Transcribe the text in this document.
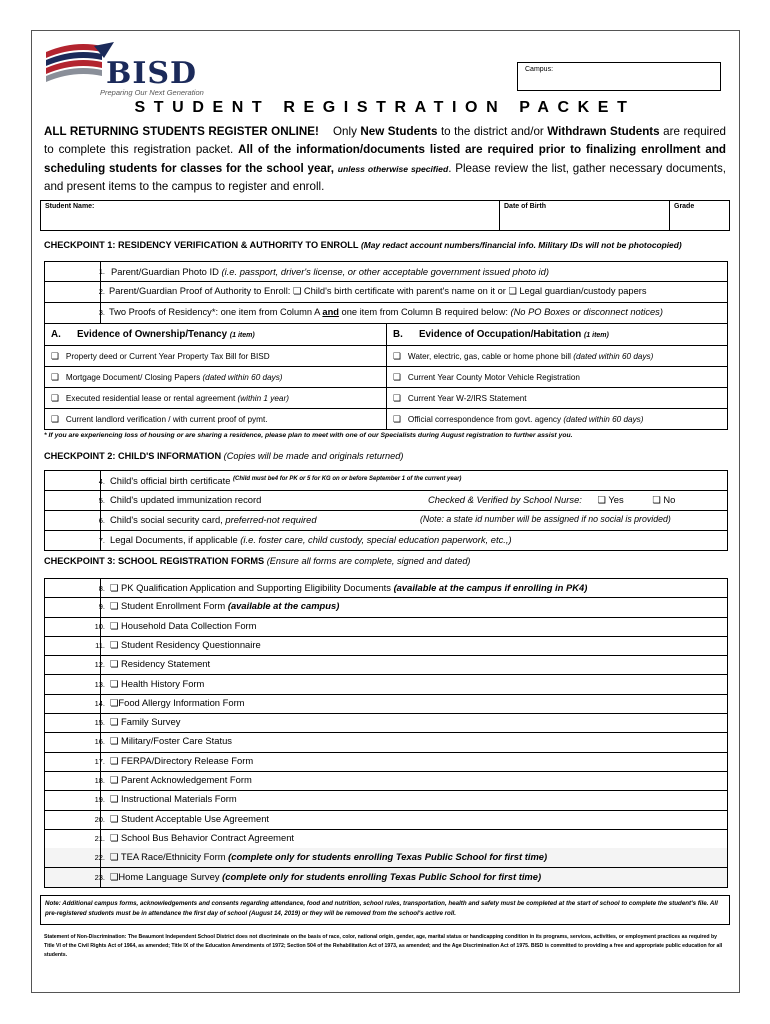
BISD
Preparing Our Next Generation
Campus:
STUDENT REGISTRATION PACKET
ALL RETURNING STUDENTS REGISTER ONLINE! Only New Students to the district and/or Withdrawn Students are required to complete this registration packet. All of the information/documents listed are required prior to finalizing enrollment and scheduling students for classes for the school year, unless otherwise specified. Please review the list, gather necessary documents, and present items to the campus to register and enroll.
Student Name:	Date of Birth	Grade
CHECKPOINT 1: RESIDENCY VERIFICATION & AUTHORITY TO ENROLL (May redact account numbers/financial info. Military IDs will not be photocopied)
1. Parent/Guardian Photo ID (i.e. passport, driver's license, or other acceptable government issued photo id)
2. Parent/Guardian Proof of Authority to Enroll: ❏ Child's birth certificate with parent's name on it or ❏ Legal guardian/custody papers
3. Two Proofs of Residency*: one item from Column A and one item from Column B required below: (No PO Boxes or disconnect notices)
A. Evidence of Ownership/Tenancy (1 item)	B. Evidence of Occupation/Habitation (1 item)
❏ Property deed or Current Year Property Tax Bill for BISD	❏ Water, electric, gas, cable or home phone bill (dated within 60 days)
❏ Mortgage Document/ Closing Papers (dated within 60 days)	❏ Current Year County Motor Vehicle Registration
❏ Executed residential lease or rental agreement (within 1 year)	❏ Current Year W-2/IRS Statement
❏ Current landlord verification / with current proof of pymt.	❏ Official correspondence from govt. agency (dated within 60 days)
* If you are experiencing loss of housing or are sharing a residence, please plan to meet with one of our Specialists during August registration to further assist you.
CHECKPOINT 2: CHILD'S INFORMATION (Copies will be made and originals returned)
4. Child's official birth certificate $^{(Child must be4 for PK or 5 for KG on or before September 1 of the current year)}$
5. Child's updated immunization record	Checked & Verified by School Nurse: ❏ Yes	❏ No
6. Child's social security card, preferred-not required	(Note: a state id number will be assigned if no social is provided)
7. Legal Documents, if applicable (i.e. foster care, child custody, special education paperwork, etc.,)
CHECKPOINT 3: SCHOOL REGISTRATION FORMS (Ensure all forms are complete, signed and dated)
8. ❏ PK Qualification Application and Supporting Eligibility Documents (available at the campus if enrolling in PK4)
9. ❏ Student Enrollment Form (available at the campus)
10. ❏ Household Data Collection Form
11. ❏ Student Residency Questionnaire
12. ❏ Residency Statement
13. ❏ Health History Form
14. ❏Food Allergy Information Form
15. ❏ Family Survey
16. ❏ Military/Foster Care Status
17. ❏ FERPA/Directory Release Form
18. ❏ Parent Acknowledgement Form
19. ❏ Instructional Materials Form
20. ❏ Student Acceptable Use Agreement
21. ❏ School Bus Behavior Contract Agreement
22. ❏ TEA Race/Ethnicity Form (complete only for students enrolling Texas Public School for first time)
23. ❏Home Language Survey (complete only for students enrolling Texas Public School for first time)
Note: Additional campus forms, acknowledgements and consents regarding attendance, food and nutrition, school rules, transportation, health and safety must be completed at the start of school to complete the student's file. All pre-registered students must be in attendance the first day of school (August 14, 2019) or they will be removed from the school's active roll.
Statement of Non-Discrimination: The Beaumont Independent School District does not discriminate on the basis of race, color, national origin, gender, age, marital status or handicapping condition in its programs, services, activities, or employment practices as required by Title VI of the Civil Rights Act of 1964, as amended; Title IX of the Education Amendments of 1972; Section 504 of the Rehabilitation Act of 1973, as amended; and the Age Discrimination Act of 1975. BISD is committed to providing a free and appropriate public education for all students.
